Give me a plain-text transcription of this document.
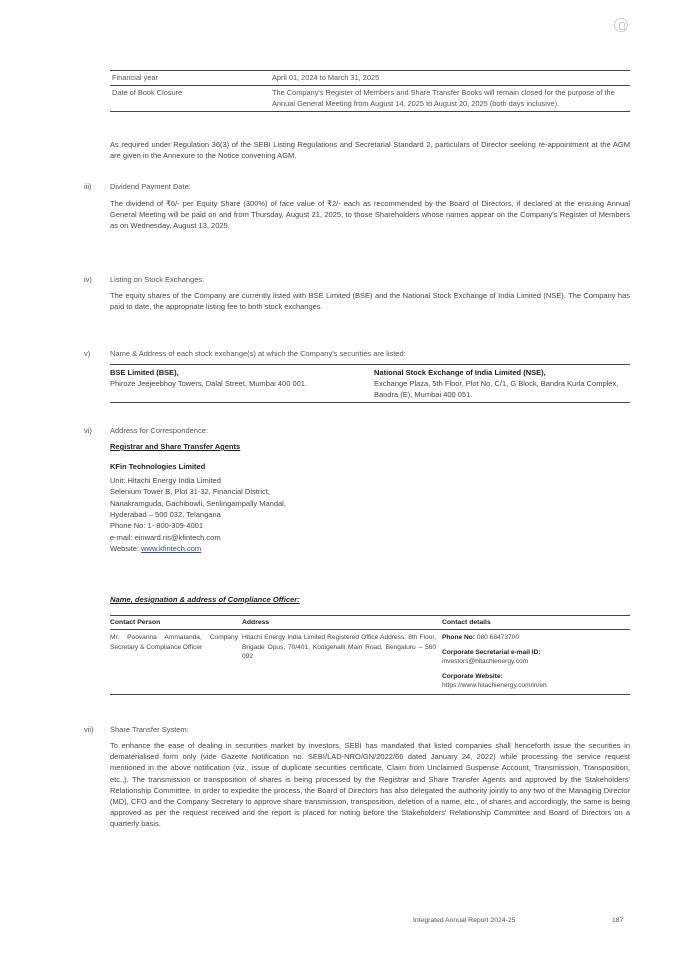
Financial year	April 01, 2024 to March 31, 2025
Date of Book Closure	The Company's Register of Members and Share Transfer Books will remain closed for the purpose of the Annual General Meeting from August 14, 2025 to August 20, 2025 (both days inclusive).

As required under Regulation 36(3) of the SEBI Listing Regulations and Secretarial Standard 2, particulars of Director seeking re-appointment at the AGM are given in the Annexure to the Notice convening AGM.

iii) Dividend Payment Date:

The dividend of ₹6/- per Equity Share (300%) of face value of ₹2/- each as recommended by the Board of Directors, if declared at the ensuing Annual General Meeting will be paid on and from Thursday, August 21, 2025, to those Shareholders whose names appear on the Company's Register of Members as on Wednesday, August 13, 2025.

iv) Listing on Stock Exchanges:

The equity shares of the Company are currently listed with BSE Limited (BSE) and the National Stock Exchange of India Limited (NSE). The Company has paid to date, the appropriate listing fee to both stock exchanges.

v)	Name & Address of each stock exchange(s) at which the Company's securities are listed:
BSE Limited (BSE),
Phiroze Jeejeebhoy Towers, Dalal Street, Mumbai 400 001.

National Stock Exchange of India Limited (NSE),
Exchange Plaza, 5th Floor, Plot No. C/1, G Block, Bandra Kurla Complex, Bandra (E), Mumbai 400 051.
vi) Address for Correspondence:
Registrar and Share Transfer Agents
KFin Technologies Limited
Unit: Hitachi Energy India Limited
Selenium Tower B, Plot 31-32, Financial District,
Nanakramguda, Gachibowli, Serilingampally Mandal,
Hyderabad – 500 032, Telangana
Phone No: 1- 800-309-4001
e-mail: einward.ris@kfintech.com
Website: www.kfintech.com
Name, designation & address of Compliance Officer:
Contact Person	Address	Contact details
Mr. Poovanna Ammatanda, Company Secretary & Compliance Officer	Hitachi Energy India Limited Registered Office Address: 8th Floor, Brigade Opus, 70/401, Kodigehalli Main Road, Bengaluru – 560 092	Phone No: 080 68473700
Corporate Secretarial e-mail ID:
investors@hitachienergy.com
Corporate Website:
https://www.hitachienergy.com/in/en
vii) Share Transfer System:

To enhance the ease of dealing in securities market by investors, SEBI has mandated that listed companies shall henceforth issue the securities in dematerialised form only (vide Gazette Notification no. SEBI/LAD-NRO/GN/2022/66 dated January 24, 2022) while processing the service request mentioned in the above notification (viz., issue of duplicate securities certificate, Claim from Unclaimed Suspense Account, Transmission, Transposition, etc.,). The transmission or transposition of shares is being processed by the Registrar and Share Transfer Agents and approved by the Stakeholders' Relationship Committee. In order to expedite the process, the Board of Directors has also delegated the authority jointly to any two of the Managing Director (MD), CFO and the Company Secretary to approve share transmission, transposition, deletion of a name, etc., of shares and accordingly, the same is being approved as per the request received and the report is placed for noting before the Stakeholders' Relationship Committee and Board of Directors on a quarterly basis.

Integrated Annual Report 2024-25	187
